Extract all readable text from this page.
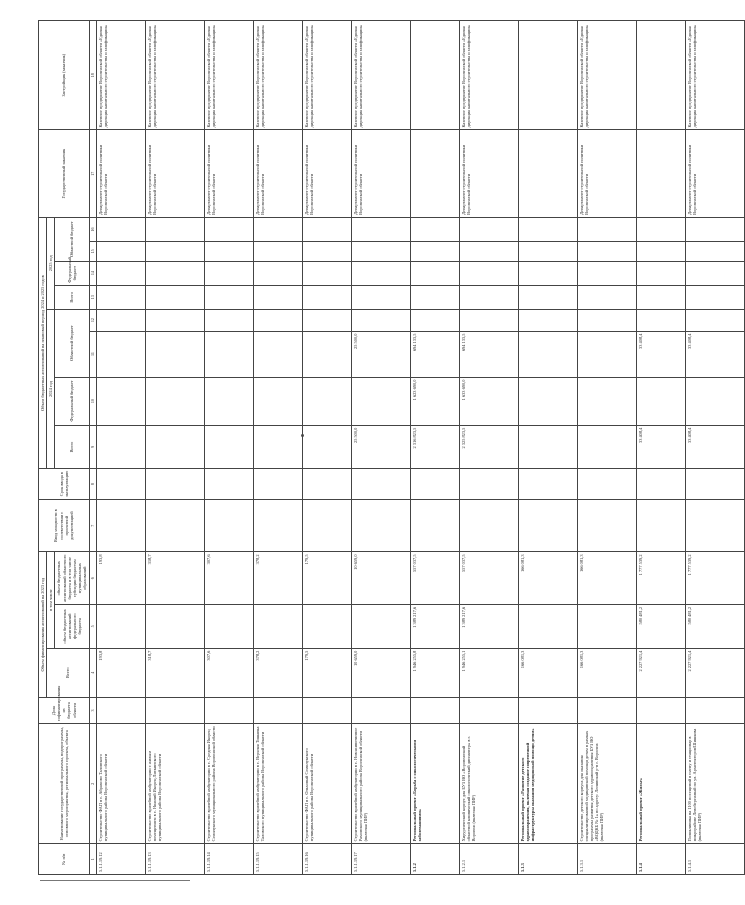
№ п/п	Наименование государственной программы, подпрограммы, основного мероприятия, регионального проекта, объекта	Доля софинансирования из бюджета области	Объем финансирования ассигнований на 2023 год			Ввод мощности в соответствии с проектной документацией	Срок ввода в эксплуатацию	Объем бюджетных ассигнований на плановый период 2024 и 2025 годов								Государственный заказчик	Застройщик (заказчик)
			Всего	в том числе				2024 год				2025 год					
				объем бюджетных ассигнований федерального бюджета	объем бюджетных ассигнований областного бюджета и в том числе субсидии бюджетам муниципальных образований			Всего	Федеральный бюджет	Областной бюджет		Всего	Федеральный бюджет	Областной бюджет			
1	2	3	4	5	6	7	8	9	10	11	12	13	14	15	16	17	18
5.1.1.19.12	Строительство ФАП в с. Абрамово Таловского муниципального района Воронежской области		193,8		193,8											Департамент строительной политики Воронежской области	Казенное предприятие Воронежской области «Единая дирекция капитального строительства и газификации»
5.1.1.19.13	Строительство врачебной амбулатории с жилым помещением в с. Нижний Икорец Лискинского муниципального района Воронежской области		318,7		318,7											Департамент строительной политики Воронежской области	Казенное предприятие Воронежской области «Единая дирекция капитального строительства и газификации»
5.1.1.19.14	Строительство врачебной амбулатории в с. Средняя Икорец Семилукского муниципального района Воронежской области		307,6		307,6											Департамент строительной политики Воронежской области	Казенное предприятие Воронежской области «Единая дирекция капитального строительства и газификации»
5.1.1.19.15	Строительство врачебной амбулатории в с. Верхняя Тишанка Таловского муниципального района Воронежской области		378,2		378,2											Департамент строительной политики Воронежской области	Казенное предприятие Воронежской области «Единая дирекция капитального строительства и газификации»
5.1.1.19.16	Строительство ФАП в с. Ольховый Семилукского муниципального района Воронежской области		179,5		179,5											Департамент строительной политики Воронежской области	Казенное предприятие Воронежской области «Единая дирекция капитального строительства и газификации»
5.1.1.19.17	Строительство врачебной амбулатории в с. Новоживотинное Рамонского муниципального района Воронежской области (включая ПИР)		10 659,0		10 659,0			25 500,0		25 500,0						Департамент строительной политики Воронежской области	Казенное предприятие Воронежской области «Единая дирекция капитального строительства и газификации»
5.1.2	Региональный проект «Борьба с онкологическими заболеваниями»		1 946 255,8	1 389 217,6	557 037,5			2 316 823,5	1 623 690,0	694 133,5							
5.1.2.1	Хирургический корпус для БУЗ ВО «Воронежский областной клинический онкологический диспансер» в г. Воронеж (включая ПИР)		1 946 255,1	1 389 217,6	557 037,5			2 325 823,5	1 633 690,0	694 133,5						Департамент строительной политики Воронежской области	Казенное предприятие Воронежской области «Единая дирекция капитального строительства и газификации»
5.1.3	Региональный проект «Развитие детского здравоохранения, включая создание современной инфраструктуры оказания медицинской помощи детям»		166 081,3		166 081,3												
5.1.3.1	Строительство детского корпуса для оказания специализированной медицинской помощи детям в рамках программы развития детского здравоохранения БУЗ ВО «ВОДКБ № 1» по адресу: Ленинский р-н г. Воронеж (включая ПИР)		166 081,3		166 081,3											Департамент строительной политики Воронежской области	Казенное предприятие Воронежской области «Единая дирекция капитального строительства и газификации»
5.1.4	Региональный проект «Жилье»		2 227 921,4	580 481,2	1 777 539,2			33 408,4		33 408,4							
5.1.4.1	Поликлиника на 1100 посещений в смену и стационар в микрорайоне Левобережный по ул. Архитекторов/Шишкова (включая ПИР)		2 227 921,4	580 481,2	1 777 539,2			33 408,4		33 408,4						Департамент строительной политики Воронежской области	Казенное предприятие Воронежской области «Единая дирекция капитального строительства и газификации»
